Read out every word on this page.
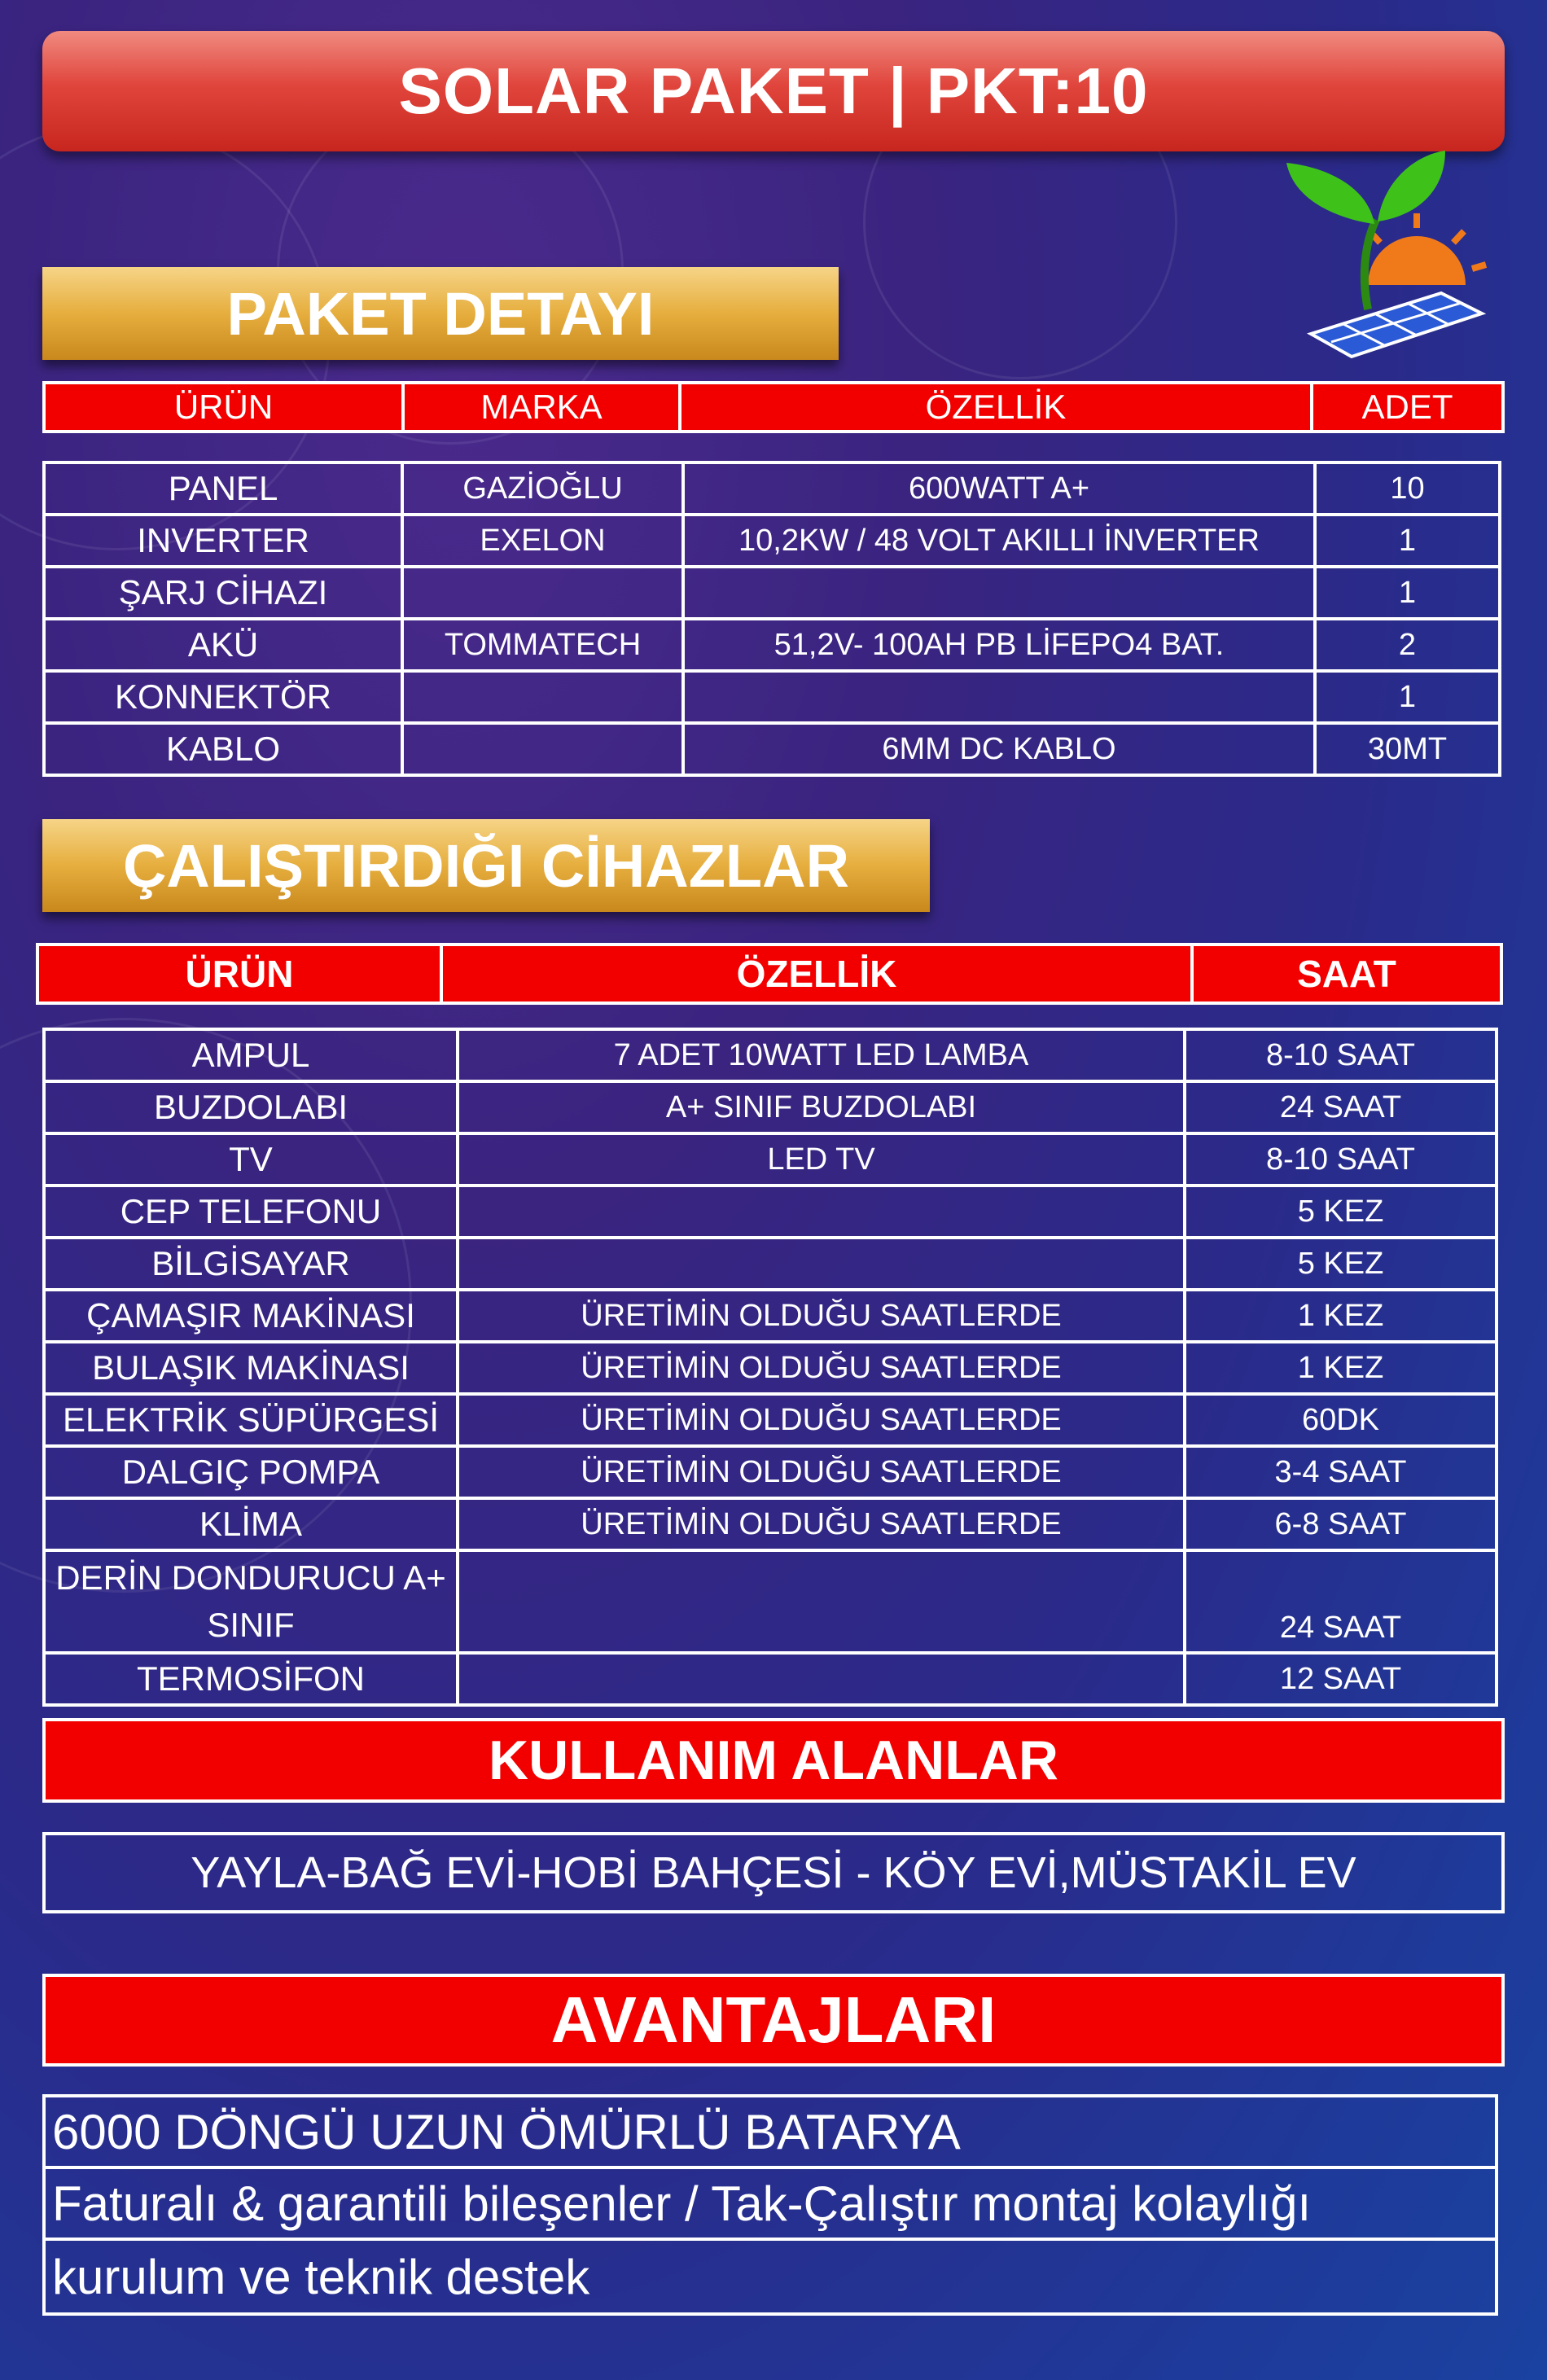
SOLAR PAKET | PKT:10
PAKET DETAYI
ÜRÜN	MARKA	ÖZELLİK	ADET
PANEL	GAZİOĞLU	600WATT A+	10
INVERTER	EXELON	10,2KW / 48 VOLT AKILLI İNVERTER	1
ŞARJ CİHAZI			1
AKÜ	TOMMATECH	51,2V- 100AH PB LİFEPO4 BAT.	2
KONNEKTÖR			1
KABLO		6MM DC KABLO	30MT
ÇALIŞTIRDIĞI CİHAZLAR
ÜRÜN	ÖZELLİK	SAAT
AMPUL	7 ADET 10WATT LED LAMBA	8-10 SAAT
BUZDOLABI	A+ SINIF BUZDOLABI	24 SAAT
TV	LED TV	8-10 SAAT
CEP TELEFONU		5 KEZ
BİLGİSAYAR		5 KEZ
ÇAMAŞIR MAKİNASI	ÜRETİMİN OLDUĞU SAATLERDE	1 KEZ
BULAŞIK MAKİNASI	ÜRETİMİN OLDUĞU SAATLERDE	1 KEZ
ELEKTRİK SÜPÜRGESİ	ÜRETİMİN OLDUĞU SAATLERDE	60DK
DALGIÇ POMPA	ÜRETİMİN OLDUĞU SAATLERDE	3-4 SAAT
KLİMA	ÜRETİMİN OLDUĞU SAATLERDE	6-8 SAAT
DERİN DONDURUCU A+ SINIF		24 SAAT
TERMOSİFON		12 SAAT
KULLANIM ALANLAR
YAYLA-BAĞ EVİ-HOBİ BAHÇESİ - KÖY EVİ,MÜSTAKİL EV
AVANTAJLARI
6000 DÖNGÜ UZUN ÖMÜRLÜ BATARYA
Faturalı & garantili bileşenler / Tak-Çalıştır montaj kolaylığı
kurulum ve teknik destek
